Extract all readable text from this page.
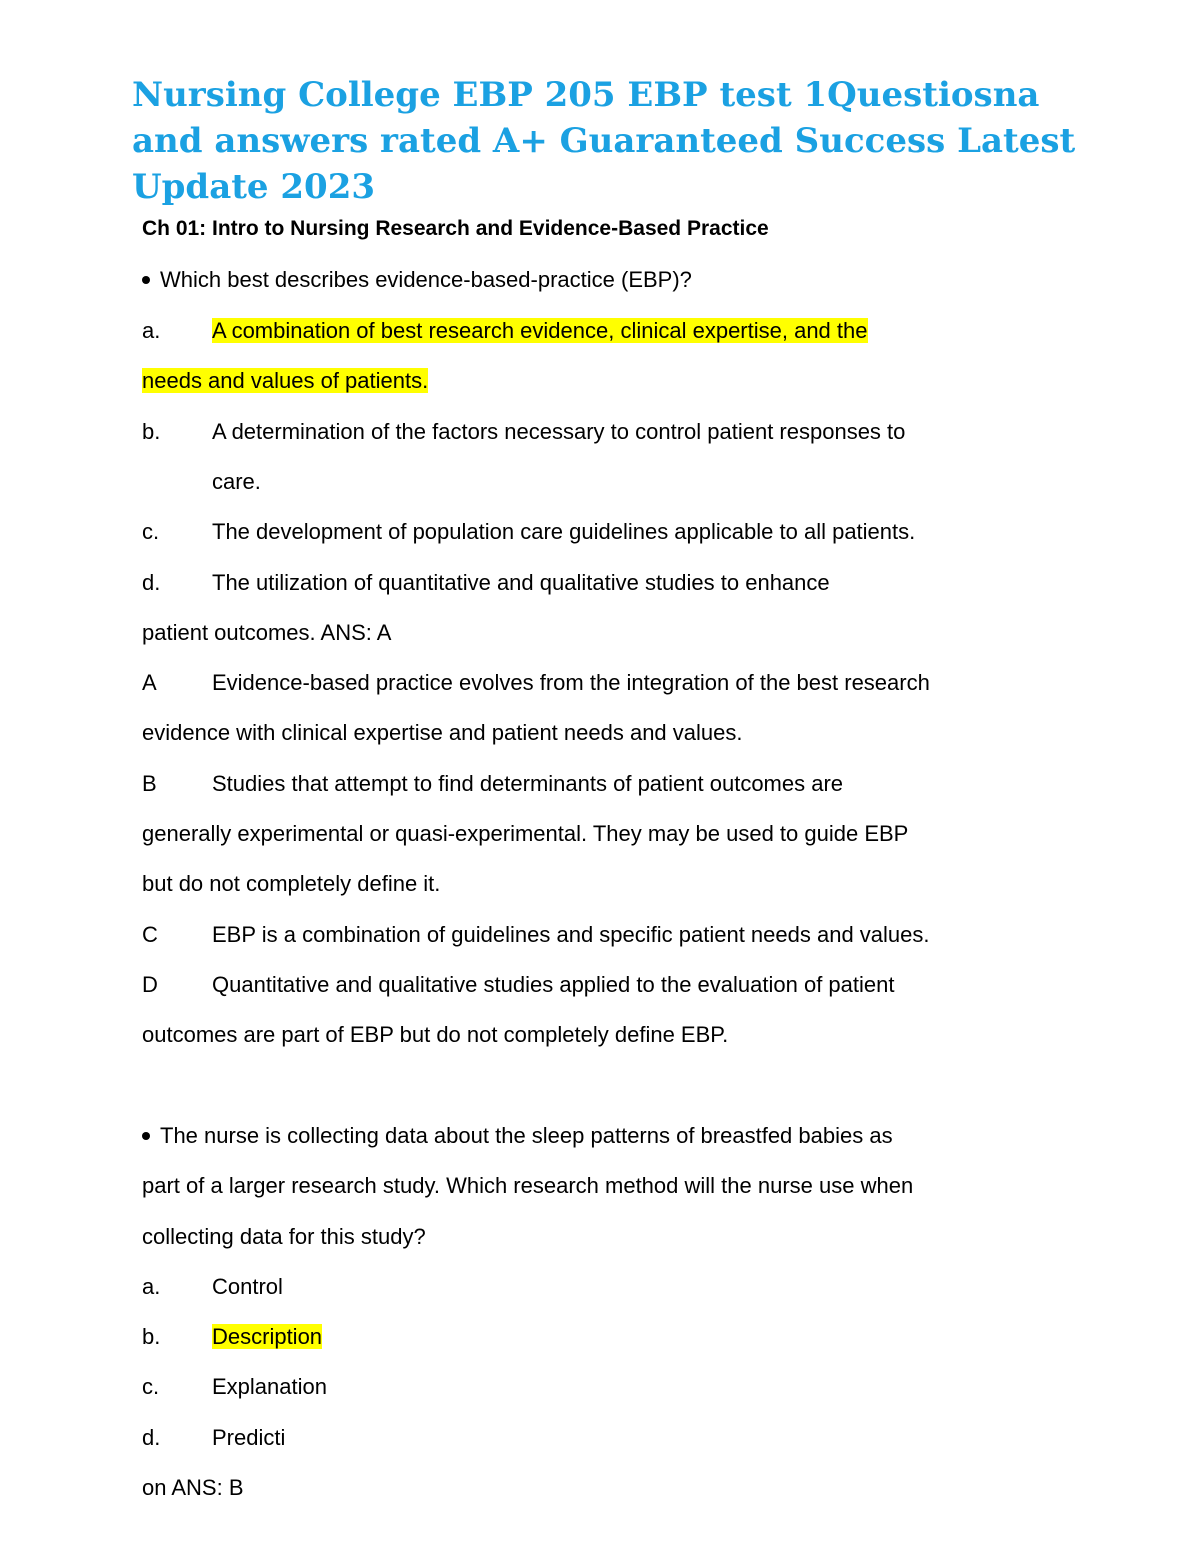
Nursing College EBP 205 EBP test 1Questiosna and answers rated A+ Guaranteed Success Latest Update 2023
Ch 01: Intro to Nursing Research and Evidence-Based Practice
Which best describes evidence-based-practice (EBP)?
a. A combination of best research evidence, clinical expertise, and the
needs and values of patients.
b. A determination of the factors necessary to control patient responses to
care.
c. The development of population care guidelines applicable to all patients.
d. The utilization of quantitative and qualitative studies to enhance
patient outcomes. ANS: A
A	Evidence-based practice evolves from the integration of the best research
evidence with clinical expertise and patient needs and values.
B	Studies that attempt to find determinants of patient outcomes are
generally experimental or quasi-experimental. They may be used to guide EBP
but do not completely define it.
C EBP is a combination of guidelines and specific patient needs and values.
D Quantitative and qualitative studies applied to the evaluation of patient
outcomes are part of EBP but do not completely define EBP.
The nurse is collecting data about the sleep patterns of breastfed babies as
part of a larger research study. Which research method will the nurse use when
collecting data for this study?
a. Control
b. Description
c. Explanation
d. Predicti
on ANS: B
